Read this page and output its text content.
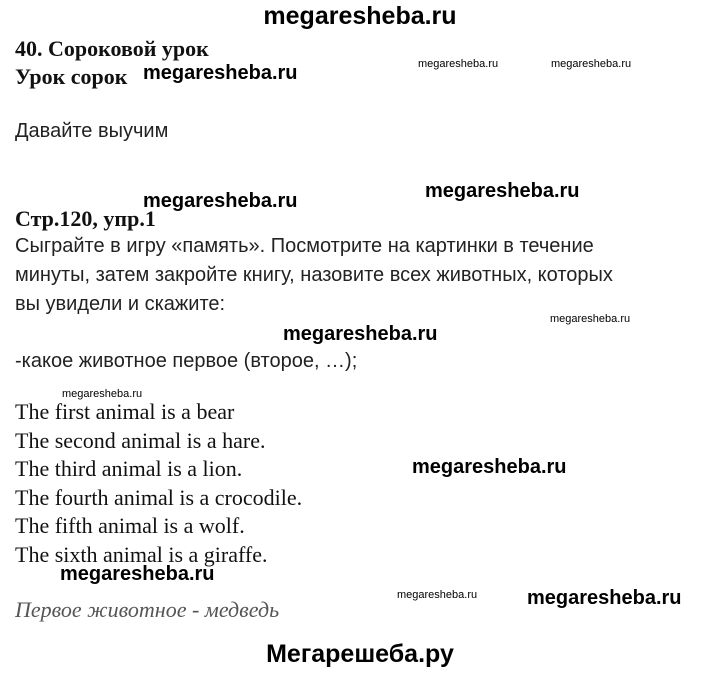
megaresheba.ru
40. Сороковой урок
Урок сорок megaresheba.ru	megaresheba.ru	megaresheba.ru
Давайте выучим
megaresheba.ru	megaresheba.ru
Стр.120, упр.1
Сыграйте в игру «память». Посмотрите на картинки в течение
минуты, затем закройте книгу, назовите всех животных, которых
вы увидели и скажите:
megaresheba.ru
megaresheba.ru
-какое животное первое (второе, …);
megaresheba.ru
The first animal is a bear
The second animal is a hare.
The third animal is a lion.
The fourth animal is a crocodile.
The fifth animal is a wolf.
The sixth animal is a giraffe.
megaresheba.ru
megaresheba.ru
megaresheba.ru megaresheba.ru
Первое животное - медведь
Мегарешеба.ру
